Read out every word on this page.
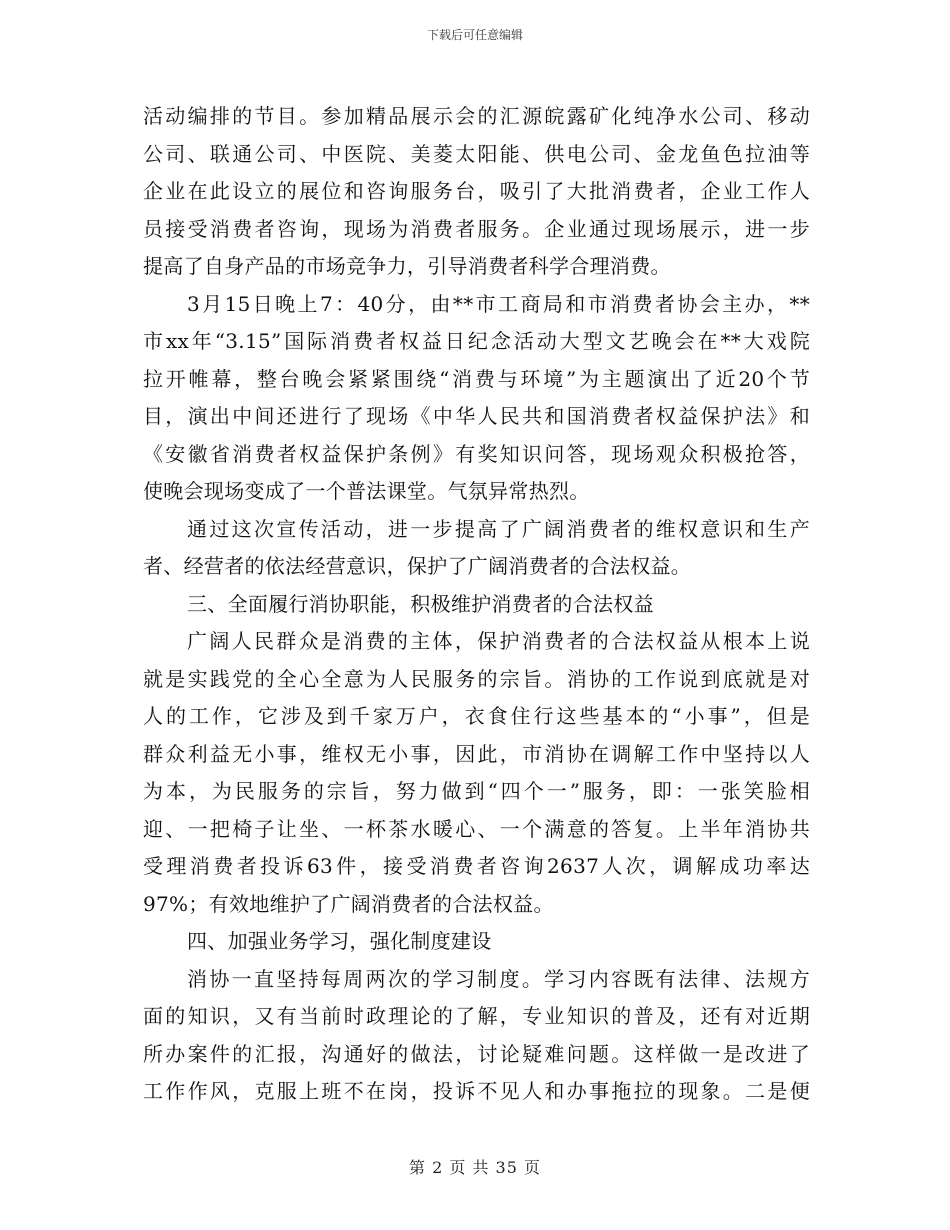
下载后可任意编辑
活动编排的节目。参加精品展示会的汇源皖露矿化纯净水公司、移动
公司、联通公司、中医院、美菱太阳能、供电公司、金龙鱼色拉油等
企业在此设立的展位和咨询服务台，吸引了大批消费者，企业工作人
员接受消费者咨询，现场为消费者服务。企业通过现场展示，进一步
提高了自身产品的市场竞争力，引导消费者科学合理消费。
3月15日晚上7：40分，由**市工商局和市消费者协会主办，**
市xx年“3.15”国际消费者权益日纪念活动大型文艺晚会在**大戏院
拉开帷幕，整台晚会紧紧围绕“消费与环境”为主题演出了近20个节
目，演出中间还进行了现场《中华人民共和国消费者权益保护法》和
《安徽省消费者权益保护条例》有奖知识问答，现场观众积极抢答，
使晚会现场变成了一个普法课堂。气氛异常热烈。
通过这次宣传活动，进一步提高了广阔消费者的维权意识和生产
者、经营者的依法经营意识，保护了广阔消费者的合法权益。
三、全面履行消协职能，积极维护消费者的合法权益
广阔人民群众是消费的主体，保护消费者的合法权益从根本上说
就是实践党的全心全意为人民服务的宗旨。消协的工作说到底就是对
人的工作，它涉及到千家万户，衣食住行这些基本的“小事”，但是
群众利益无小事，维权无小事，因此，市消协在调解工作中坚持以人
为本，为民服务的宗旨，努力做到“四个一”服务，即：一张笑脸相
迎、一把椅子让坐、一杯茶水暖心、一个满意的答复。上半年消协共
受理消费者投诉63件，接受消费者咨询2637人次，调解成功率达
97%；有效地维护了广阔消费者的合法权益。
四、加强业务学习，强化制度建设
消协一直坚持每周两次的学习制度。学习内容既有法律、法规方
面的知识，又有当前时政理论的了解，专业知识的普及，还有对近期
所办案件的汇报，沟通好的做法，讨论疑难问题。这样做一是改进了
工作作风，克服上班不在岗，投诉不见人和办事拖拉的现象。二是便
第 2 页 共 35 页
